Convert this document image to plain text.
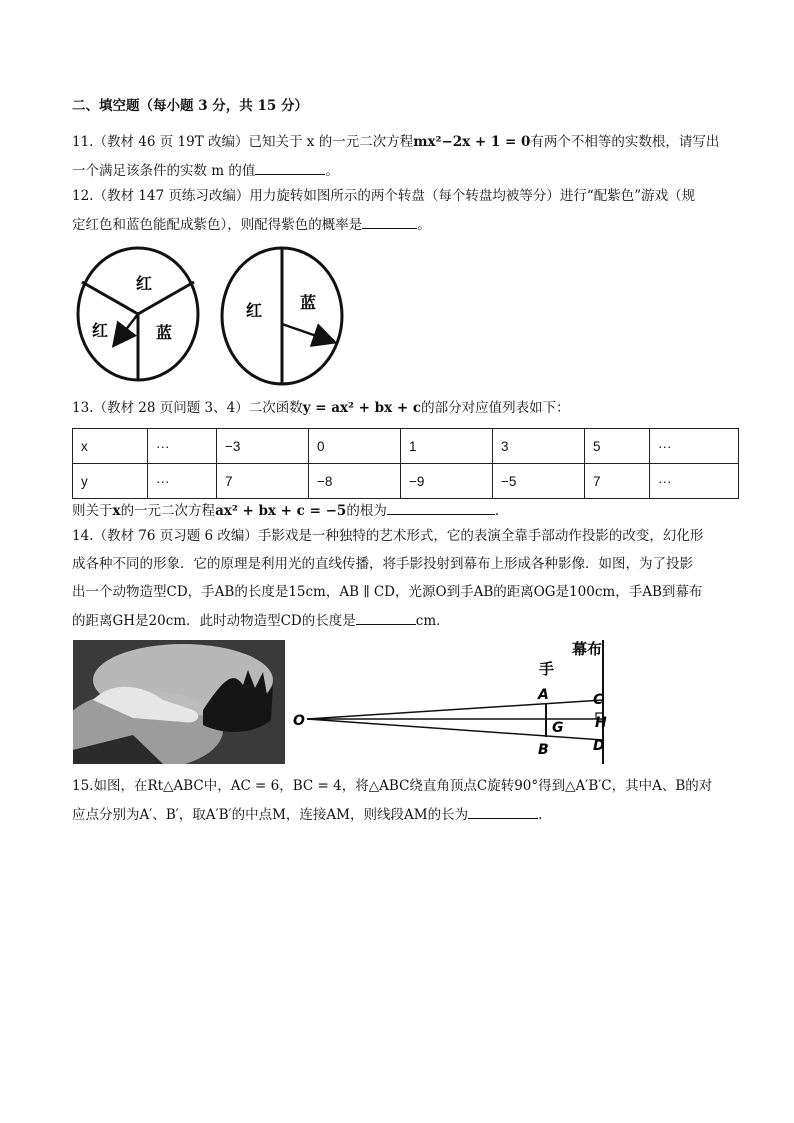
二、填空题（每小题 3 分，共 15 分）
11.（教材 46 页 19T 改编）已知关于 x 的一元二次方程mx²−2x + 1 = 0有两个不相等的实数根，请写出
一个满足该条件的实数 m 的值	。
12.（教材 147 页练习改编）用力旋转如图所示的两个转盘（每个转盘均被等分）进行“配紫色”游戏（规
定红色和蓝色能配成紫色），则配得紫色的概率是	。
红
红	蓝
红 蓝
13.（教材 28 页问题 3、4）二次函数y = ax² + bx + c的部分对应值列表如下：
x	···	−3	0	1	3	5	···
y	···	7	−8	−9	−5	7	···
则关于x的一元二次方程ax² + bx + c = −5的根为	.
14.（教材 76 页习题 6 改编）手影戏是一种独特的艺术形式，它的表演全靠手部动作投影的改变，幻化形
成各种不同的形象．它的原理是利用光的直线传播，将手影投射到幕布上形成各种影像．如图，为了投影
出一个动物造型CD，手AB的长度是15cm，AB ∥ CD，光源O到手AB的距离OG是100cm，手AB到幕布
的距离GH是20cm．此时动物造型CD的长度是	cm．
O
A
B
G
C
H
D
手
幕布
15.如图，在Rt△ABC中，AC = 6，BC = 4，将△ABC绕直角顶点C旋转90°得到△A′B′C，其中A、B的对
应点分别为A′、B′，取A′B′的中点M，连接AM，则线段AM的长为	.
